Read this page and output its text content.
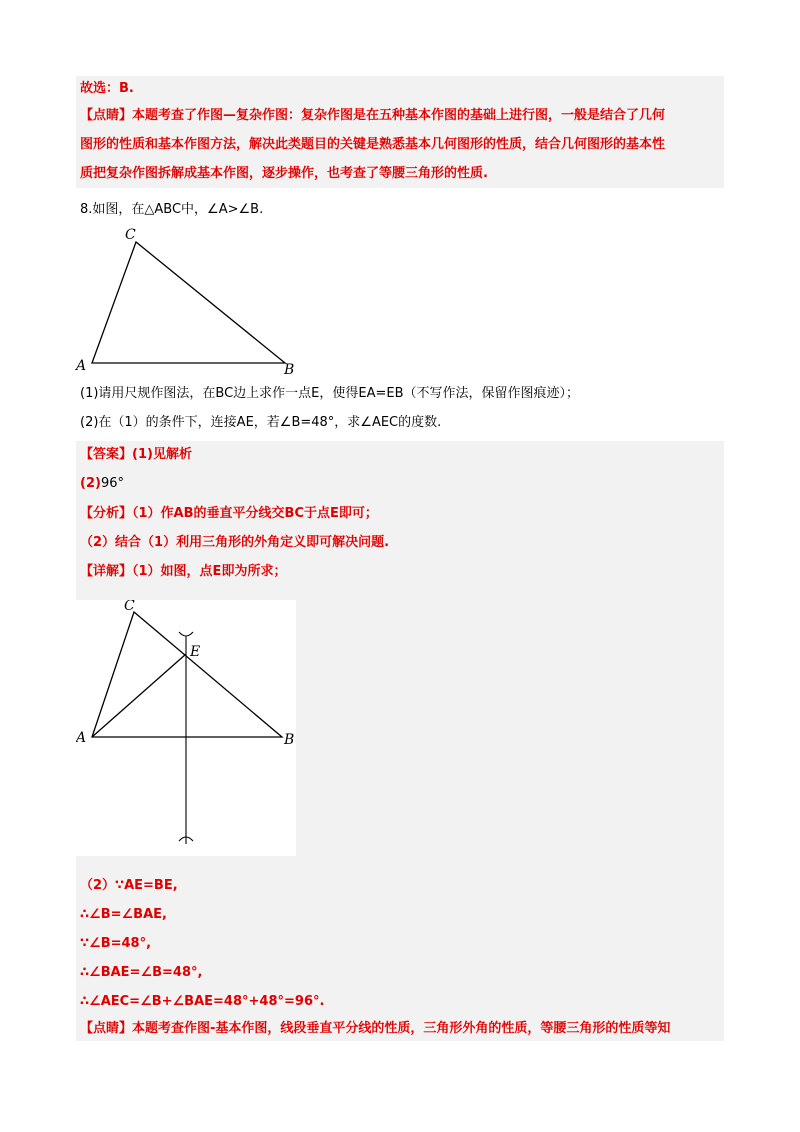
故选：B.
【点睛】本题考查了作图—复杂作图：复杂作图是在五种基本作图的基础上进行图，一般是结合了几何
图形的性质和基本作图方法，解决此类题目的关键是熟悉基本几何图形的性质，结合几何图形的基本性
质把复杂作图拆解成基本作图，逐步操作，也考查了等腰三角形的性质.
8.如图，在△ABC中，∠A>∠B.
A
C
B
(1)请用尺规作图法，在BC边上求作一点E，使得EA=EB（不写作法，保留作图痕迹）；
(2)在（1）的条件下，连接AE，若∠B=48°，求∠AEC的度数.
【答案】(1)见解析
(2)96°
【分析】（1）作AB的垂直平分线交BC于点E即可；
（2）结合（1）利用三角形的外角定义即可解决问题.
【详解】（1）如图，点E即为所求；
A
C
B
E
（2）∵AE=BE,
∴∠B=∠BAE,
∵∠B=48°,
∴∠BAE=∠B=48°,
∴∠AEC=∠B+∠BAE=48°+48°=96°.
【点睛】本题考查作图-基本作图，线段垂直平分线的性质，三角形外角的性质，等腰三角形的性质等知
